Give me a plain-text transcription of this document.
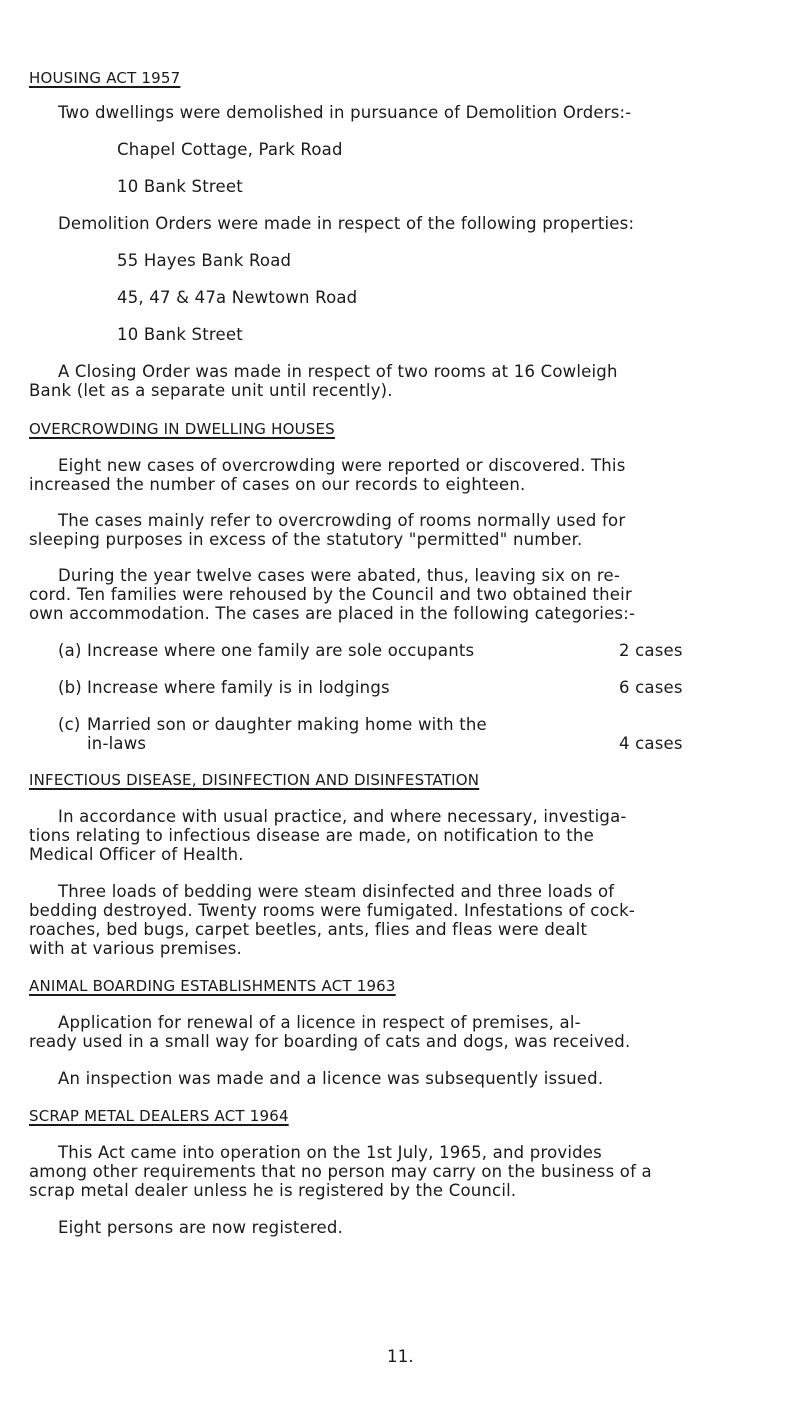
HOUSING ACT 1957
Two dwellings were demolished in pursuance of Demolition Orders:-
Chapel Cottage, Park Road
10 Bank Street
Demolition Orders were made in respect of the following properties:
55 Hayes Bank Road
45, 47 & 47a Newtown Road
10 Bank Street
A Closing Order was made in respect of two rooms at 16 Cowleigh
Bank (let as a separate unit until recently).
OVERCROWDING IN DWELLING HOUSES
Eight new cases of overcrowding were reported or discovered. This
increased the number of cases on our records to eighteen.
The cases mainly refer to overcrowding of rooms normally used for
sleeping purposes in excess of the statutory "permitted" number.
During the year twelve cases were abated, thus, leaving six on re-
cord. Ten families were rehoused by the Council and two obtained their
own accommodation. The cases are placed in the following categories:-
(a) Increase where one family are sole occupants	2 cases
(b) Increase where family is in lodgings	6 cases
(c) Married son or daughter making home with the
in-laws	4 cases
INFECTIOUS DISEASE, DISINFECTION AND DISINFESTATION
In accordance with usual practice, and where necessary, investiga-
tions relating to infectious disease are made, on notification to the
Medical Officer of Health.
Three loads of bedding were steam disinfected and three loads of
bedding destroyed. Twenty rooms were fumigated. Infestations of cock-
roaches, bed bugs, carpet beetles, ants, flies and fleas were dealt
with at various premises.
ANIMAL BOARDING ESTABLISHMENTS ACT 1963
Application for renewal of a licence in respect of premises, al-
ready used in a small way for boarding of cats and dogs, was received.
An inspection was made and a licence was subsequently issued.
SCRAP METAL DEALERS ACT 1964
This Act came into operation on the 1st July, 1965, and provides
among other requirements that no person may carry on the business of a
scrap metal dealer unless he is registered by the Council.
Eight persons are now registered.
11.
